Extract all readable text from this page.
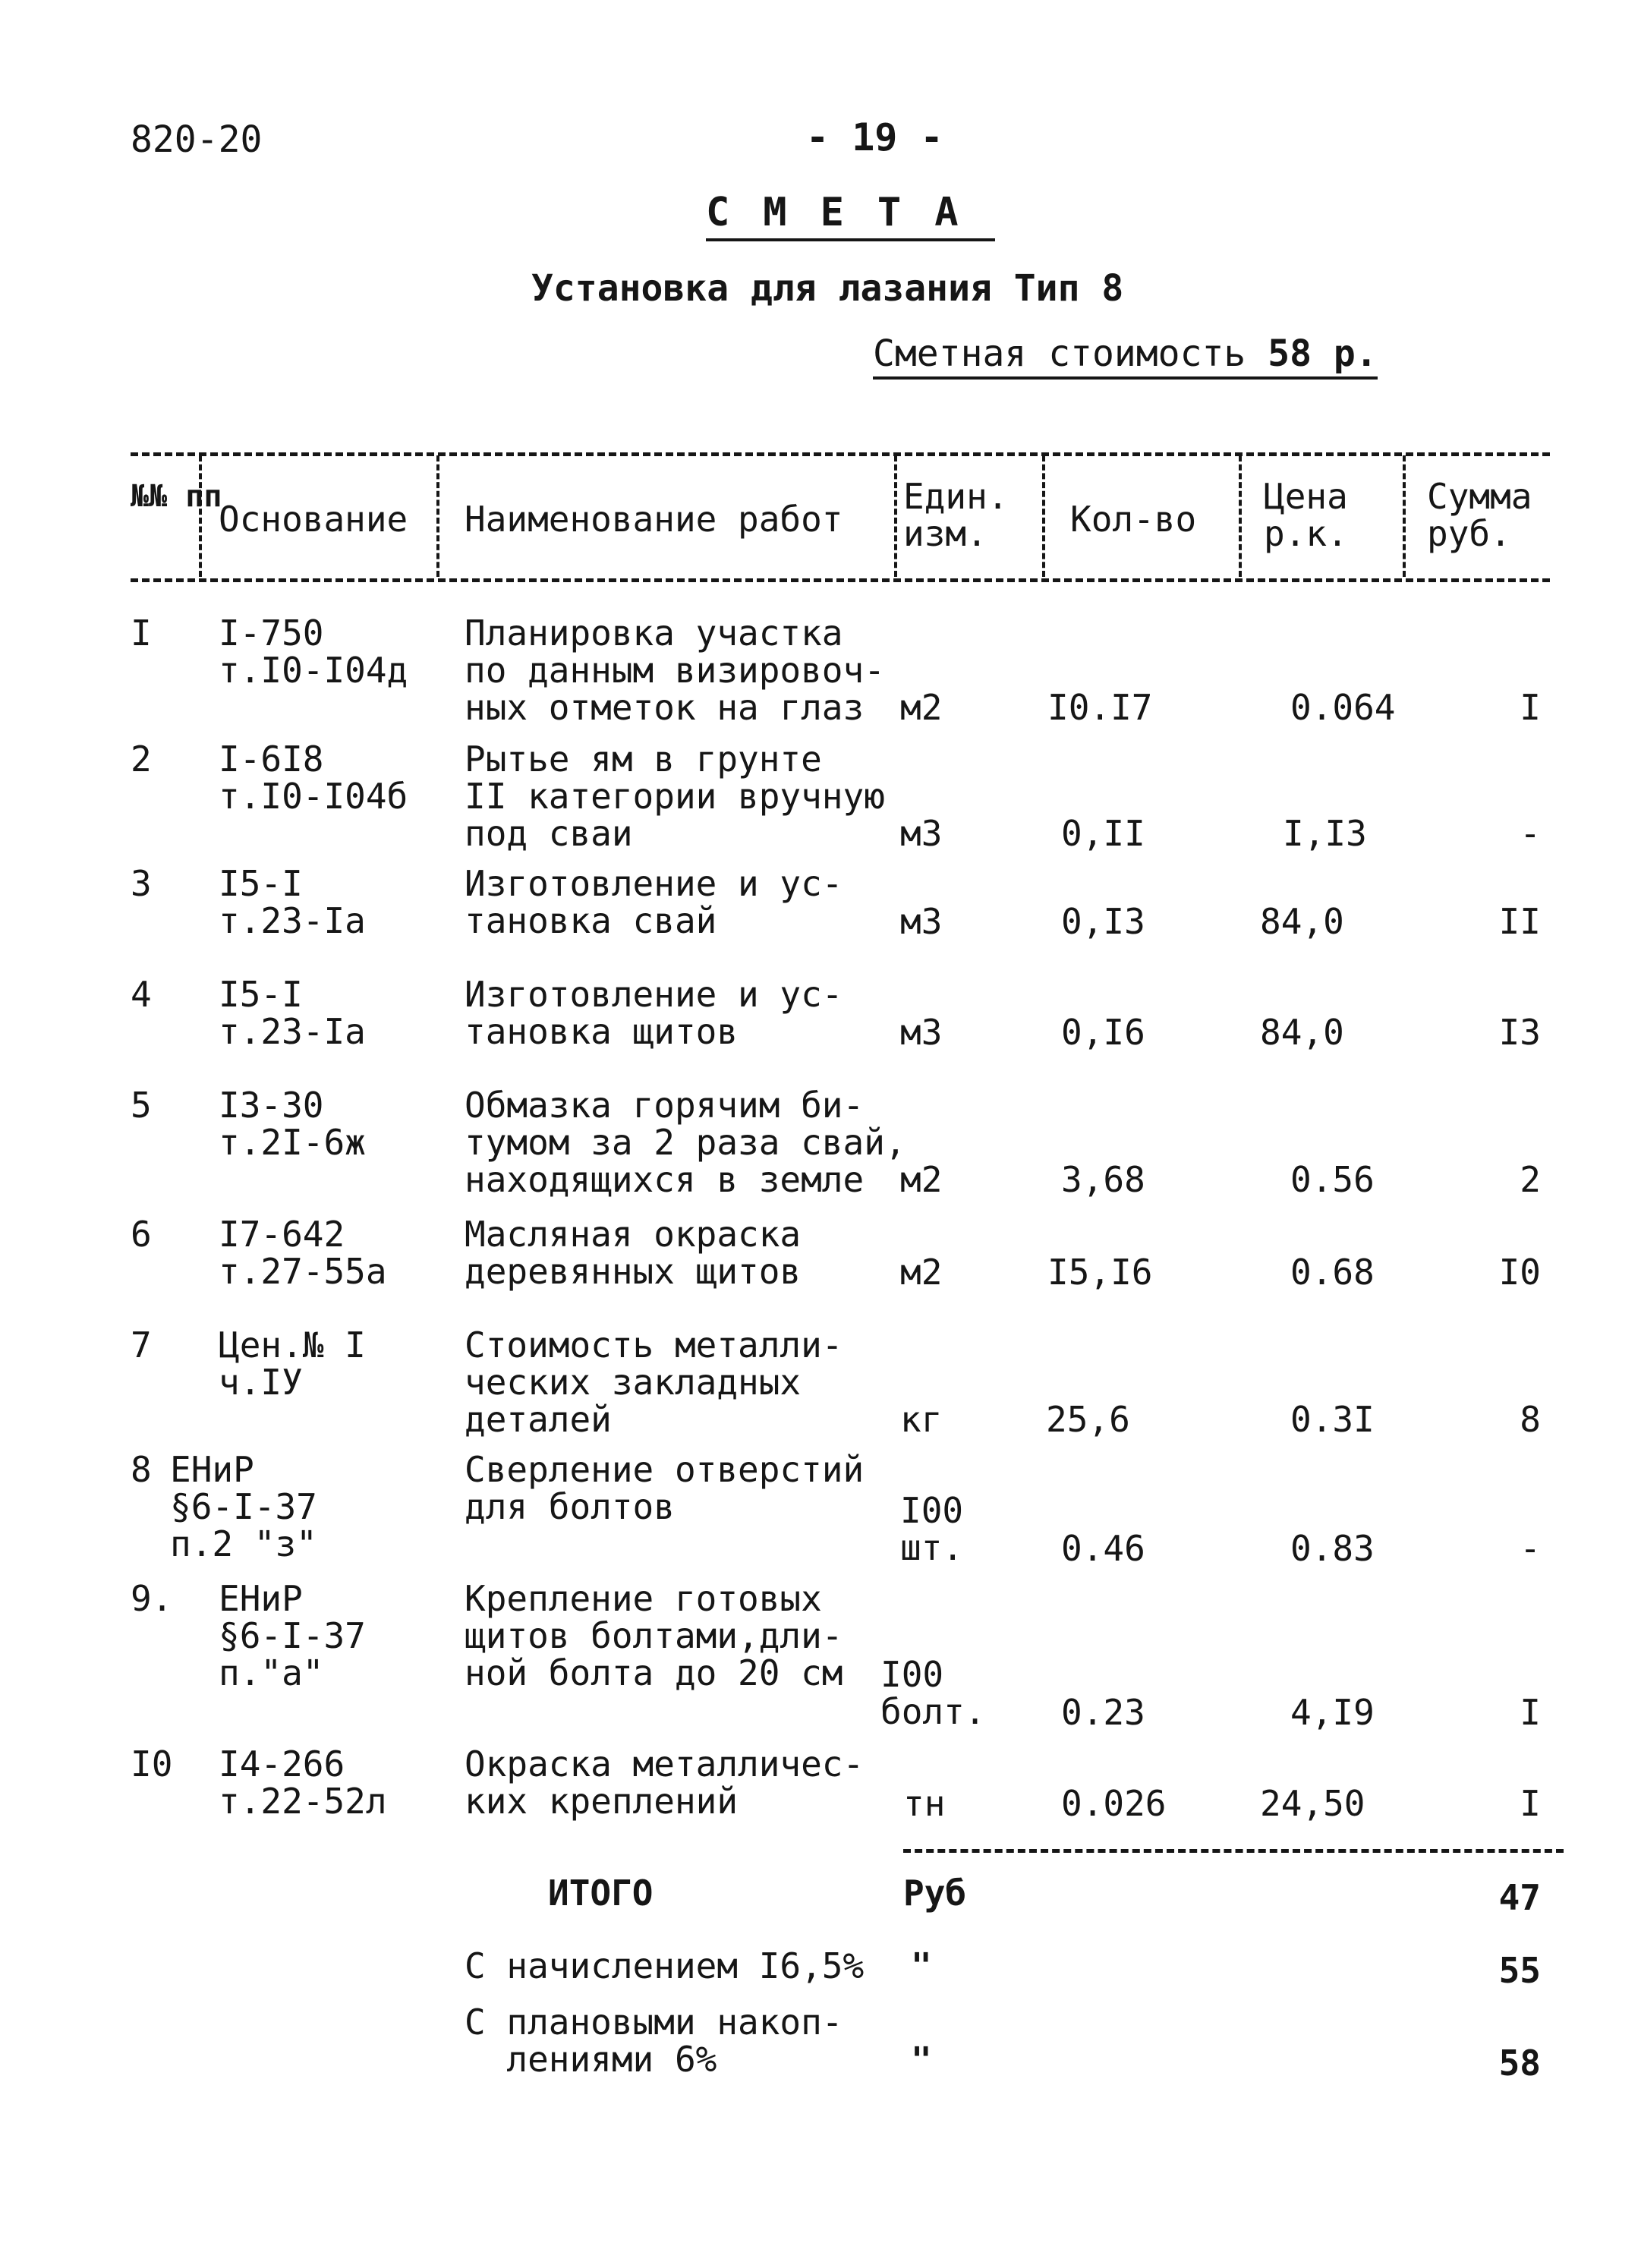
820-20	- 19 -
СМЕТА
Установка для лазания Тип 8
Сметная стоимость 58 р.
№№ пп
Основание Наименование работ
Един. изм.	Кол-во
Цена р.к.
Сумма руб.
I I-750
т.I0-I04д
Планировка участка
по данным визировоч-
ных отметок на глаз	м2	I0.I7	0.064	I
2 I-6I8
т.I0-I04б
Рытье ям в грунте
II категории вручную
под сваи	м3	0,II	I,I3	-
3 I5-I
т.23-Iа
Изготовление и ус-
тановка свай	м3	0,I3	84,0	II
4 I5-I
т.23-Iа
Изготовление и ус-
тановка щитов	м3	0,I6	84,0	I3
5 I3-30
т.2I-6ж
Обмазка горячим би-
тумом за 2 раза свай,
находящихся в земле	м2	3,68	0.56	2
6 I7-642
т.27-55а
Масляная окраска
деревянных щитов	м2	I5,I6	0.68	I0
7 Цен.№ I
ч.IУ
Стоимость металли-
ческих закладных
деталей	кг	25,6	0.3I	8
8 ЕНиР
§6-I-37
п.2 "з"
Сверление отверстий
для болтов	I00
шт.	0.46	0.83	-
9. ЕНиР
§6-I-37
п."а"
Крепление готовых
щитов болтами,дли-
ной болта до 20 см I00
болт. 0.23	4,I9	I
I0 I4-266
т.22-52л
Окраска металличес-
ких креплений	тн	0.026	24,50	I
ИТОГО	Руб	47
С начислением I6,5% "	55
С плановыми накоп-
лениями 6%	"	58
